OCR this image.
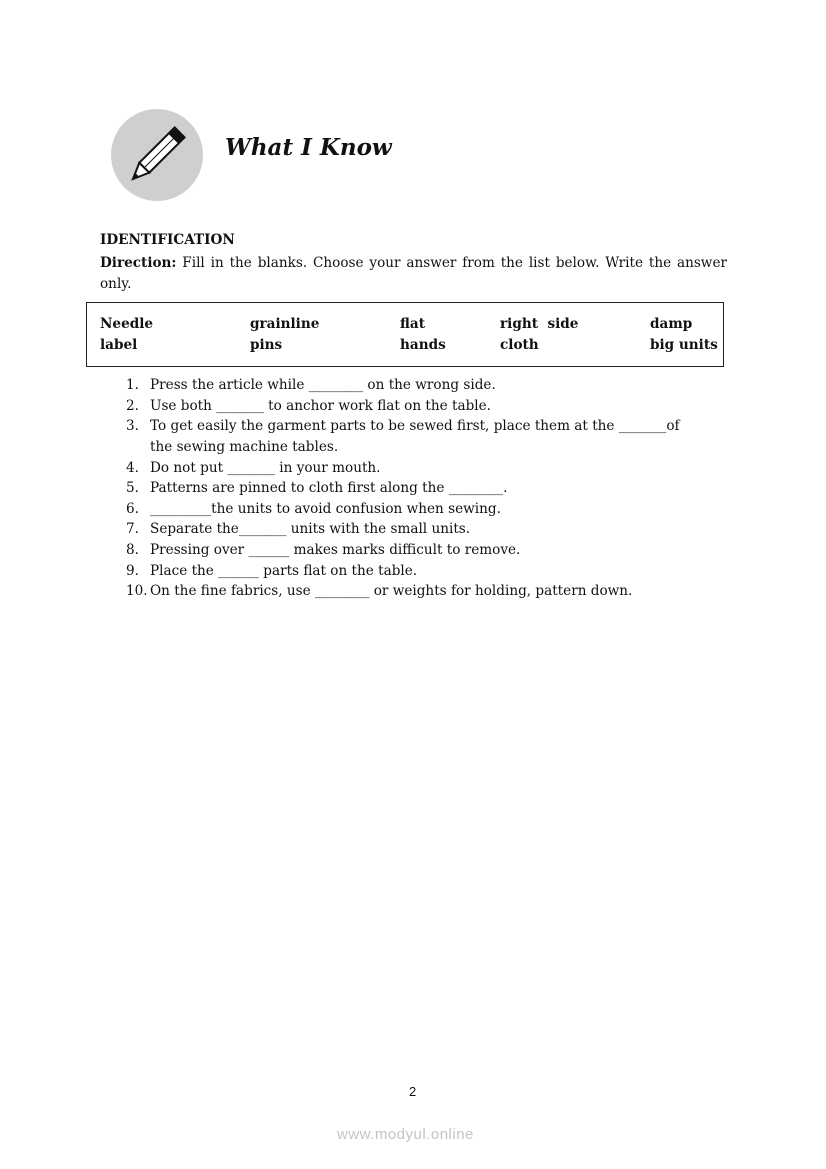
What I Know
IDENTIFICATION
Direction: Fill in the blanks. Choose your answer from the list below. Write the answer only.
Needle	grainline	flat	right  side	damp
label	pins	hands	cloth	big units
1. Press the article while ________ on the wrong side.
2. Use both _______ to anchor work flat on the table.
3. To get easily the garment parts to be sewed first, place them at the _______of
the sewing machine tables.
4. Do not put _______ in your mouth.
5. Patterns are pinned to cloth first along the ________.
6. _________the units to avoid confusion when sewing.
7. Separate the_______ units with the small units.
8. Pressing over ______ makes marks difficult to remove.
9. Place the ______ parts flat on the table.
10. On the fine fabrics, use ________ or weights for holding, pattern down.
2
www.modyul.online
